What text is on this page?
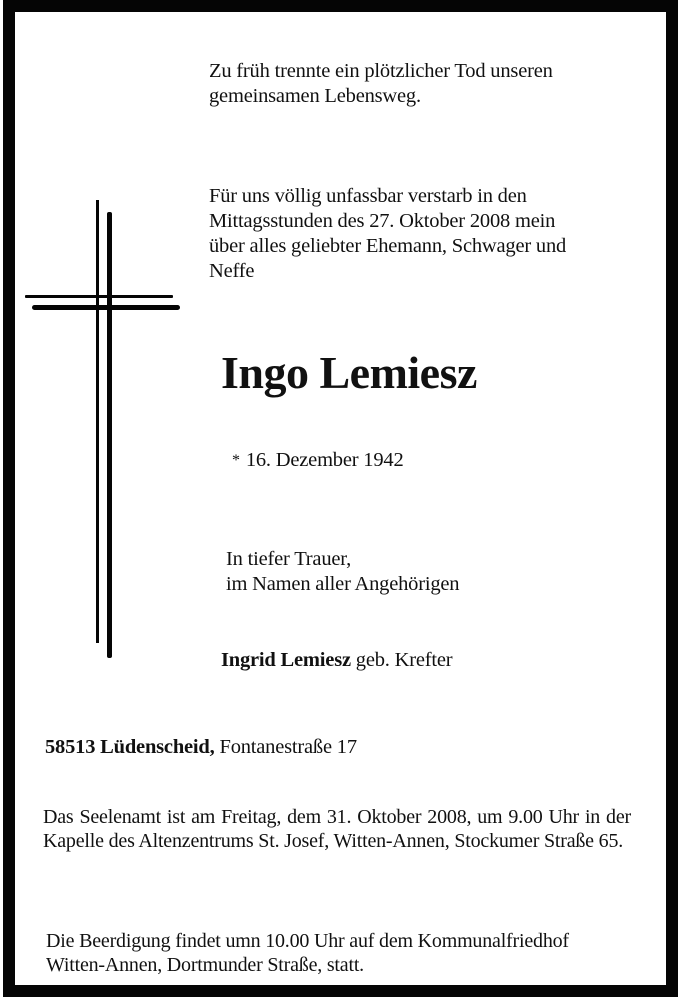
Zu früh trennte ein plötzlicher Tod unseren
gemeinsamen Lebensweg.
Für uns völlig unfassbar verstarb in den
Mittagsstunden des 27. Oktober 2008 mein
über alles geliebter Ehemann, Schwager und
Neffe
Ingo Lemiesz
* 16. Dezember 1942
In tiefer Trauer,
im Namen aller Angehörigen
Ingrid Lemiesz geb. Krefter
58513 Lüdenscheid, Fontanestraße 17
Das Seelenamt ist am Freitag, dem 31. Oktober 2008, um 9.00 Uhr in der Kapelle des Altenzentrums St. Josef, Witten-Annen, Stockumer Straße 65.
Die Beerdigung findet umn 10.00 Uhr auf dem Kommunalfriedhof
Witten-Annen, Dortmunder Straße, statt.
